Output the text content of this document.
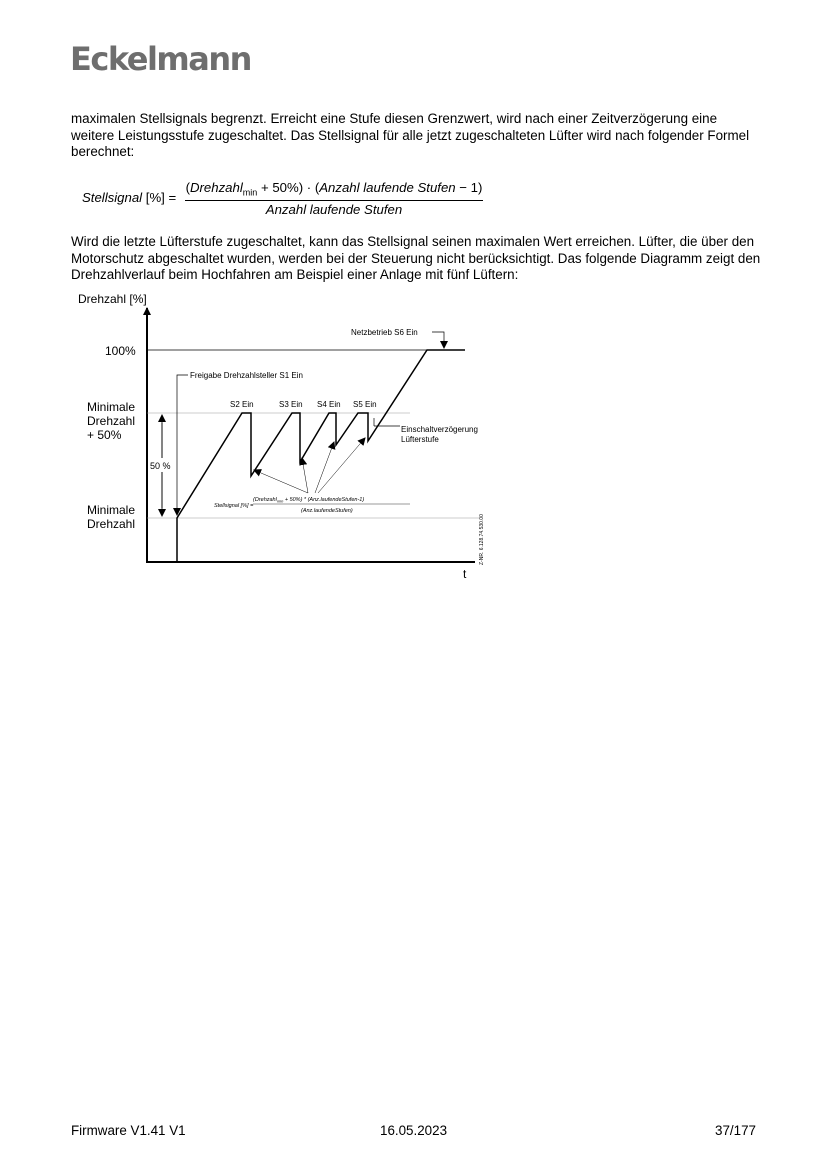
Eckelmann

maximalen Stellsignals begrenzt. Erreicht eine Stufe diesen Grenzwert, wird nach einer Zeitverzögerung eine weitere Leistungsstufe zugeschaltet. Das Stellsignal für alle jetzt zugeschalteten Lüfter wird nach folgender Formel berechnet:

Stellsignal [%] =
(Drehzahl$_{min}$ + 50%) · (Anzahl laufende Stufen − 1)
Anzahl laufende Stufen

Wird die letzte Lüfterstufe zugeschaltet, kann das Stellsignal seinen maximalen Wert erreichen. Lüfter, die über den Motorschutz abgeschaltet wurden, werden bei der Steuerung nicht berücksichtigt. Das folgende Diagramm zeigt den Drehzahlverlauf beim Hochfahren am Beispiel einer Anlage mit fünf Lüftern:

Drehzahl [%]
t
100%
Minimale
Drehzahl
+ 50%
Minimale
Drehzahl
50 %
Freigabe Drehzahlsteller S1 Ein
Netzbetrieb S6 Ein
S2 Ein	S3 Ein S4 Ein S5 Ein
Einschaltverzögerung
Lüfterstufe
Stellsignal [%] =
(Drehzahl$_{min}$ + 50%) * (Anz.laufendeStufen-1)
(Anz.laufendeStufen)
Z-NR. 6.128.74.530.00
Firmware V1.41 V1	16.05.2023	37/177
